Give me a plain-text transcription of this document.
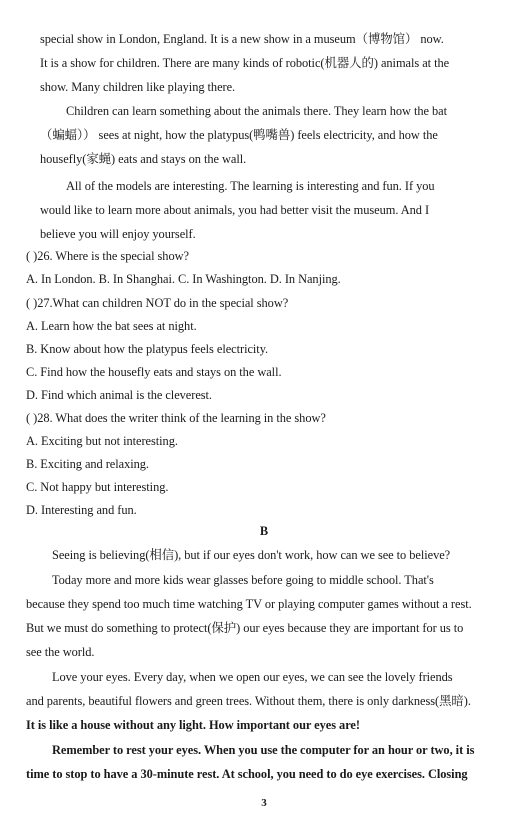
special show in London, England. It is a new show in a museum（博物馆） now.
It is a show for children. There are many kinds of robotic(机器人的) animals at the
show. Many children like playing there.
Children can learn something about the animals there. They learn how the bat
（蝙蝠）） sees at night, how the platypus(鸭嘴兽) feels electricity, and how the
housefly(家蝇) eats and stays on the wall.
All of the models are interesting. The learning is interesting and fun. If you
would like to learn more about animals, you had better visit the museum. And I
believe you will enjoy yourself.
( )26. Where is the special show?
A. In London. B. In Shanghai. C. In Washington. D. In Nanjing.
( )27.What can children NOT do in the special show?
A. Learn how the bat sees at night.
B. Know about how the platypus feels electricity.
C. Find how the housefly eats and stays on the wall.
D. Find which animal is the cleverest.
( )28. What does the writer think of the learning in the show?
A. Exciting but not interesting.
B. Exciting and relaxing.
C. Not happy but interesting.
D. Interesting and fun.
B
Seeing is believing(相信), but if our eyes don't work, how can we see to believe?
Today more and more kids wear glasses before going to middle school. That's
because they spend too much time watching TV or playing computer games without a rest.
But we must do something to protect(保护) our eyes because they are important for us to
see the world.
Love your eyes. Every day, when we open our eyes, we can see the lovely friends
and parents, beautiful flowers and green trees. Without them, there is only darkness(黑暗).
It is like a house without any light. How important our eyes are!
Remember to rest your eyes. When you use the computer for an hour or two, it is
time to stop to have a 30-minute rest. At school, you need to do eye exercises. Closing
3
